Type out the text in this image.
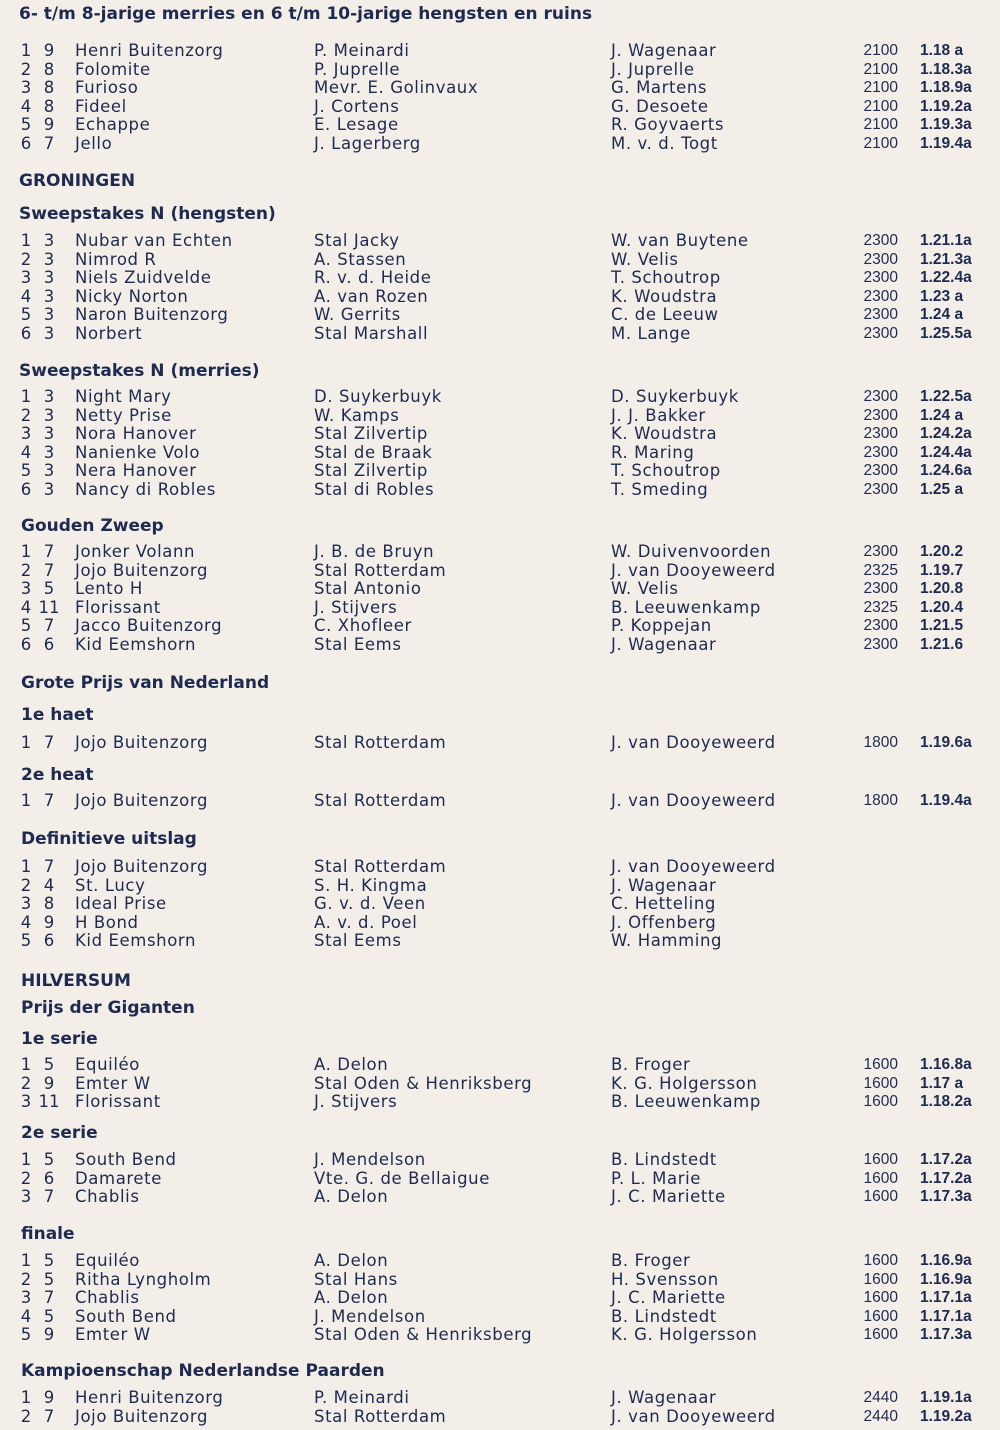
6- t/m 8-jarige merries en 6 t/m 10-jarige hengsten en ruins
1 9	Henri Buitenzorg	P. Meinardi	J. Wagenaar	2100 1.18 a
2 8	Folomite	P. Juprelle	J. Juprelle	2100 1.18.3a
3 8	Furioso	Mevr. E. Golinvaux	G. Martens	2100 1.18.9a
4 8	Fideel	J. Cortens	G. Desoete	2100 1.19.2a
5 9	Echappe	E. Lesage	R. Goyvaerts	2100 1.19.3a
6 7	Jello	J. Lagerberg	M. v. d. Togt	2100 1.19.4a
GRONINGEN
Sweepstakes N (hengsten)
1 3	Nubar van Echten	Stal Jacky	W. van Buytene	2300 1.21.1a
2 3	Nimrod R	A. Stassen	W. Velis	2300 1.21.3a
3 3	Niels Zuidvelde	R. v. d. Heide	T. Schoutrop	2300 1.22.4a
4 3	Nicky Norton	A. van Rozen	K. Woudstra	2300 1.23 a
5 3	Naron Buitenzorg	W. Gerrits	C. de Leeuw	2300 1.24 a
6 3	Norbert	Stal Marshall	M. Lange	2300 1.25.5a
Sweepstakes N (merries)
1 3	Night Mary	D. Suykerbuyk	D. Suykerbuyk	2300 1.22.5a
2 3	Netty Prise	W. Kamps	J. J. Bakker	2300 1.24 a
3 3	Nora Hanover	Stal Zilvertip	K. Woudstra	2300 1.24.2a
4 3	Nanienke Volo	Stal de Braak	R. Maring	2300 1.24.4a
5 3	Nera Hanover	Stal Zilvertip	T. Schoutrop	2300 1.24.6a
6 3	Nancy di Robles	Stal di Robles	T. Smeding	2300 1.25 a
Gouden Zweep
1 7	Jonker Volann	J. B. de Bruyn	W. Duivenvoorden	2300 1.20.2
2 7	Jojo Buitenzorg	Stal Rotterdam	J. van Dooyeweerd	2325 1.19.7
3 5	Lento H	Stal Antonio	W. Velis	2300 1.20.8
4 11 Florissant	J. Stijvers	B. Leeuwenkamp	2325 1.20.4
5 7	Jacco Buitenzorg	C. Xhofleer	P. Koppejan	2300 1.21.5
6 6	Kid Eemshorn	Stal Eems	J. Wagenaar	2300 1.21.6
Grote Prijs van Nederland
1e haet
1 7	Jojo Buitenzorg	Stal Rotterdam	J. van Dooyeweerd	1800 1.19.6a
2e heat
1 7	Jojo Buitenzorg	Stal Rotterdam	J. van Dooyeweerd	1800 1.19.4a
Definitieve uitslag
1 7	Jojo Buitenzorg	Stal Rotterdam	J. van Dooyeweerd
2 4	St. Lucy	S. H. Kingma	J. Wagenaar
3 8	Ideal Prise	G. v. d. Veen	C. Hetteling
4 9	H Bond	A. v. d. Poel	J. Offenberg
5 6	Kid Eemshorn	Stal Eems	W. Hamming
HILVERSUM
Prijs der Giganten
1e serie
1 5	Equiléo	A. Delon	B. Froger	1600 1.16.8a
2 9	Emter W	Stal Oden & Henriksberg	K. G. Holgersson	1600 1.17 a
3 11 Florissant	J. Stijvers	B. Leeuwenkamp	1600 1.18.2a
2e serie
1 5	South Bend	J. Mendelson	B. Lindstedt	1600 1.17.2a
2 6	Damarete	Vte. G. de Bellaigue	P. L. Marie	1600 1.17.2a
3 7	Chablis	A. Delon	J. C. Mariette	1600 1.17.3a
finale
1 5	Equiléo	A. Delon	B. Froger	1600 1.16.9a
2 5	Ritha Lyngholm	Stal Hans	H. Svensson	1600 1.16.9a
3 7	Chablis	A. Delon	J. C. Mariette	1600 1.17.1a
4 5	South Bend	J. Mendelson	B. Lindstedt	1600 1.17.1a
5 9	Emter W	Stal Oden & Henriksberg	K. G. Holgersson	1600 1.17.3a
Kampioenschap Nederlandse Paarden
1 9	Henri Buitenzorg	P. Meinardi	J. Wagenaar	2440 1.19.1a
2 7	Jojo Buitenzorg	Stal Rotterdam	J. van Dooyeweerd	2440 1.19.2a
